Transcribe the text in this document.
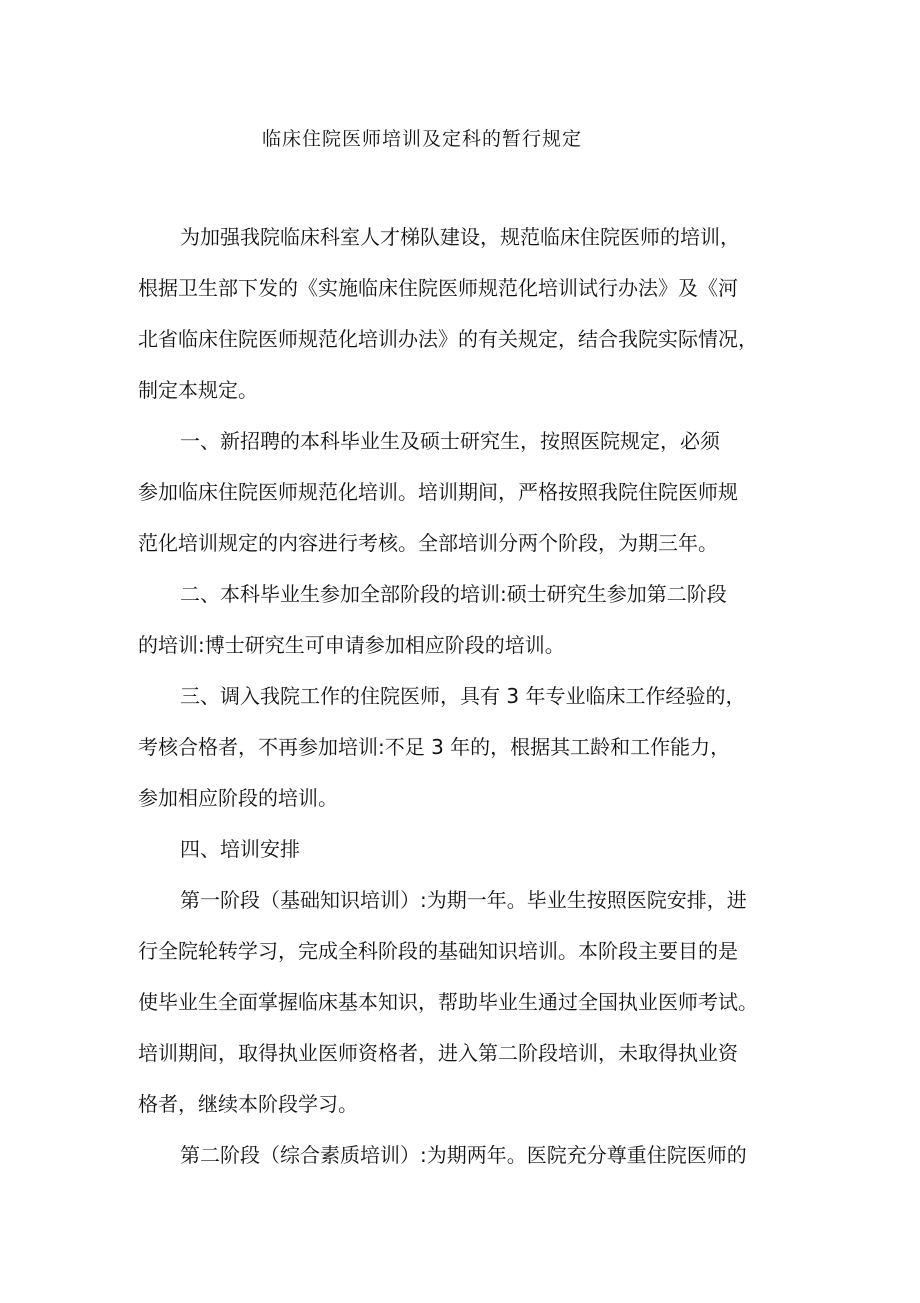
临床住院医师培训及定科的暂行规定
为加强我院临床科室人才梯队建设，规范临床住院医师的培训，
根据卫生部下发的《实施临床住院医师规范化培训试行办法》及《河
北省临床住院医师规范化培训办法》的有关规定，结合我院实际情况，
制定本规定。
一、新招聘的本科毕业生及硕士研究生，按照医院规定，必须
参加临床住院医师规范化培训。培训期间，严格按照我院住院医师规
范化培训规定的内容进行考核。全部培训分两个阶段，为期三年。
二、本科毕业生参加全部阶段的培训:硕士研究生参加第二阶段
的培训:博士研究生可申请参加相应阶段的培训。
三、调入我院工作的住院医师，具有 3 年专业临床工作经验的，
考核合格者，不再参加培训:不足 3 年的，根据其工龄和工作能力，
参加相应阶段的培训。
四、培训安排
第一阶段（基础知识培训）:为期一年。毕业生按照医院安排，进
行全院轮转学习，完成全科阶段的基础知识培训。本阶段主要目的是
使毕业生全面掌握临床基本知识，帮助毕业生通过全国执业医师考试。
培训期间，取得执业医师资格者，进入第二阶段培训，未取得执业资
格者，继续本阶段学习。
第二阶段（综合素质培训）:为期两年。医院充分尊重住院医师的
